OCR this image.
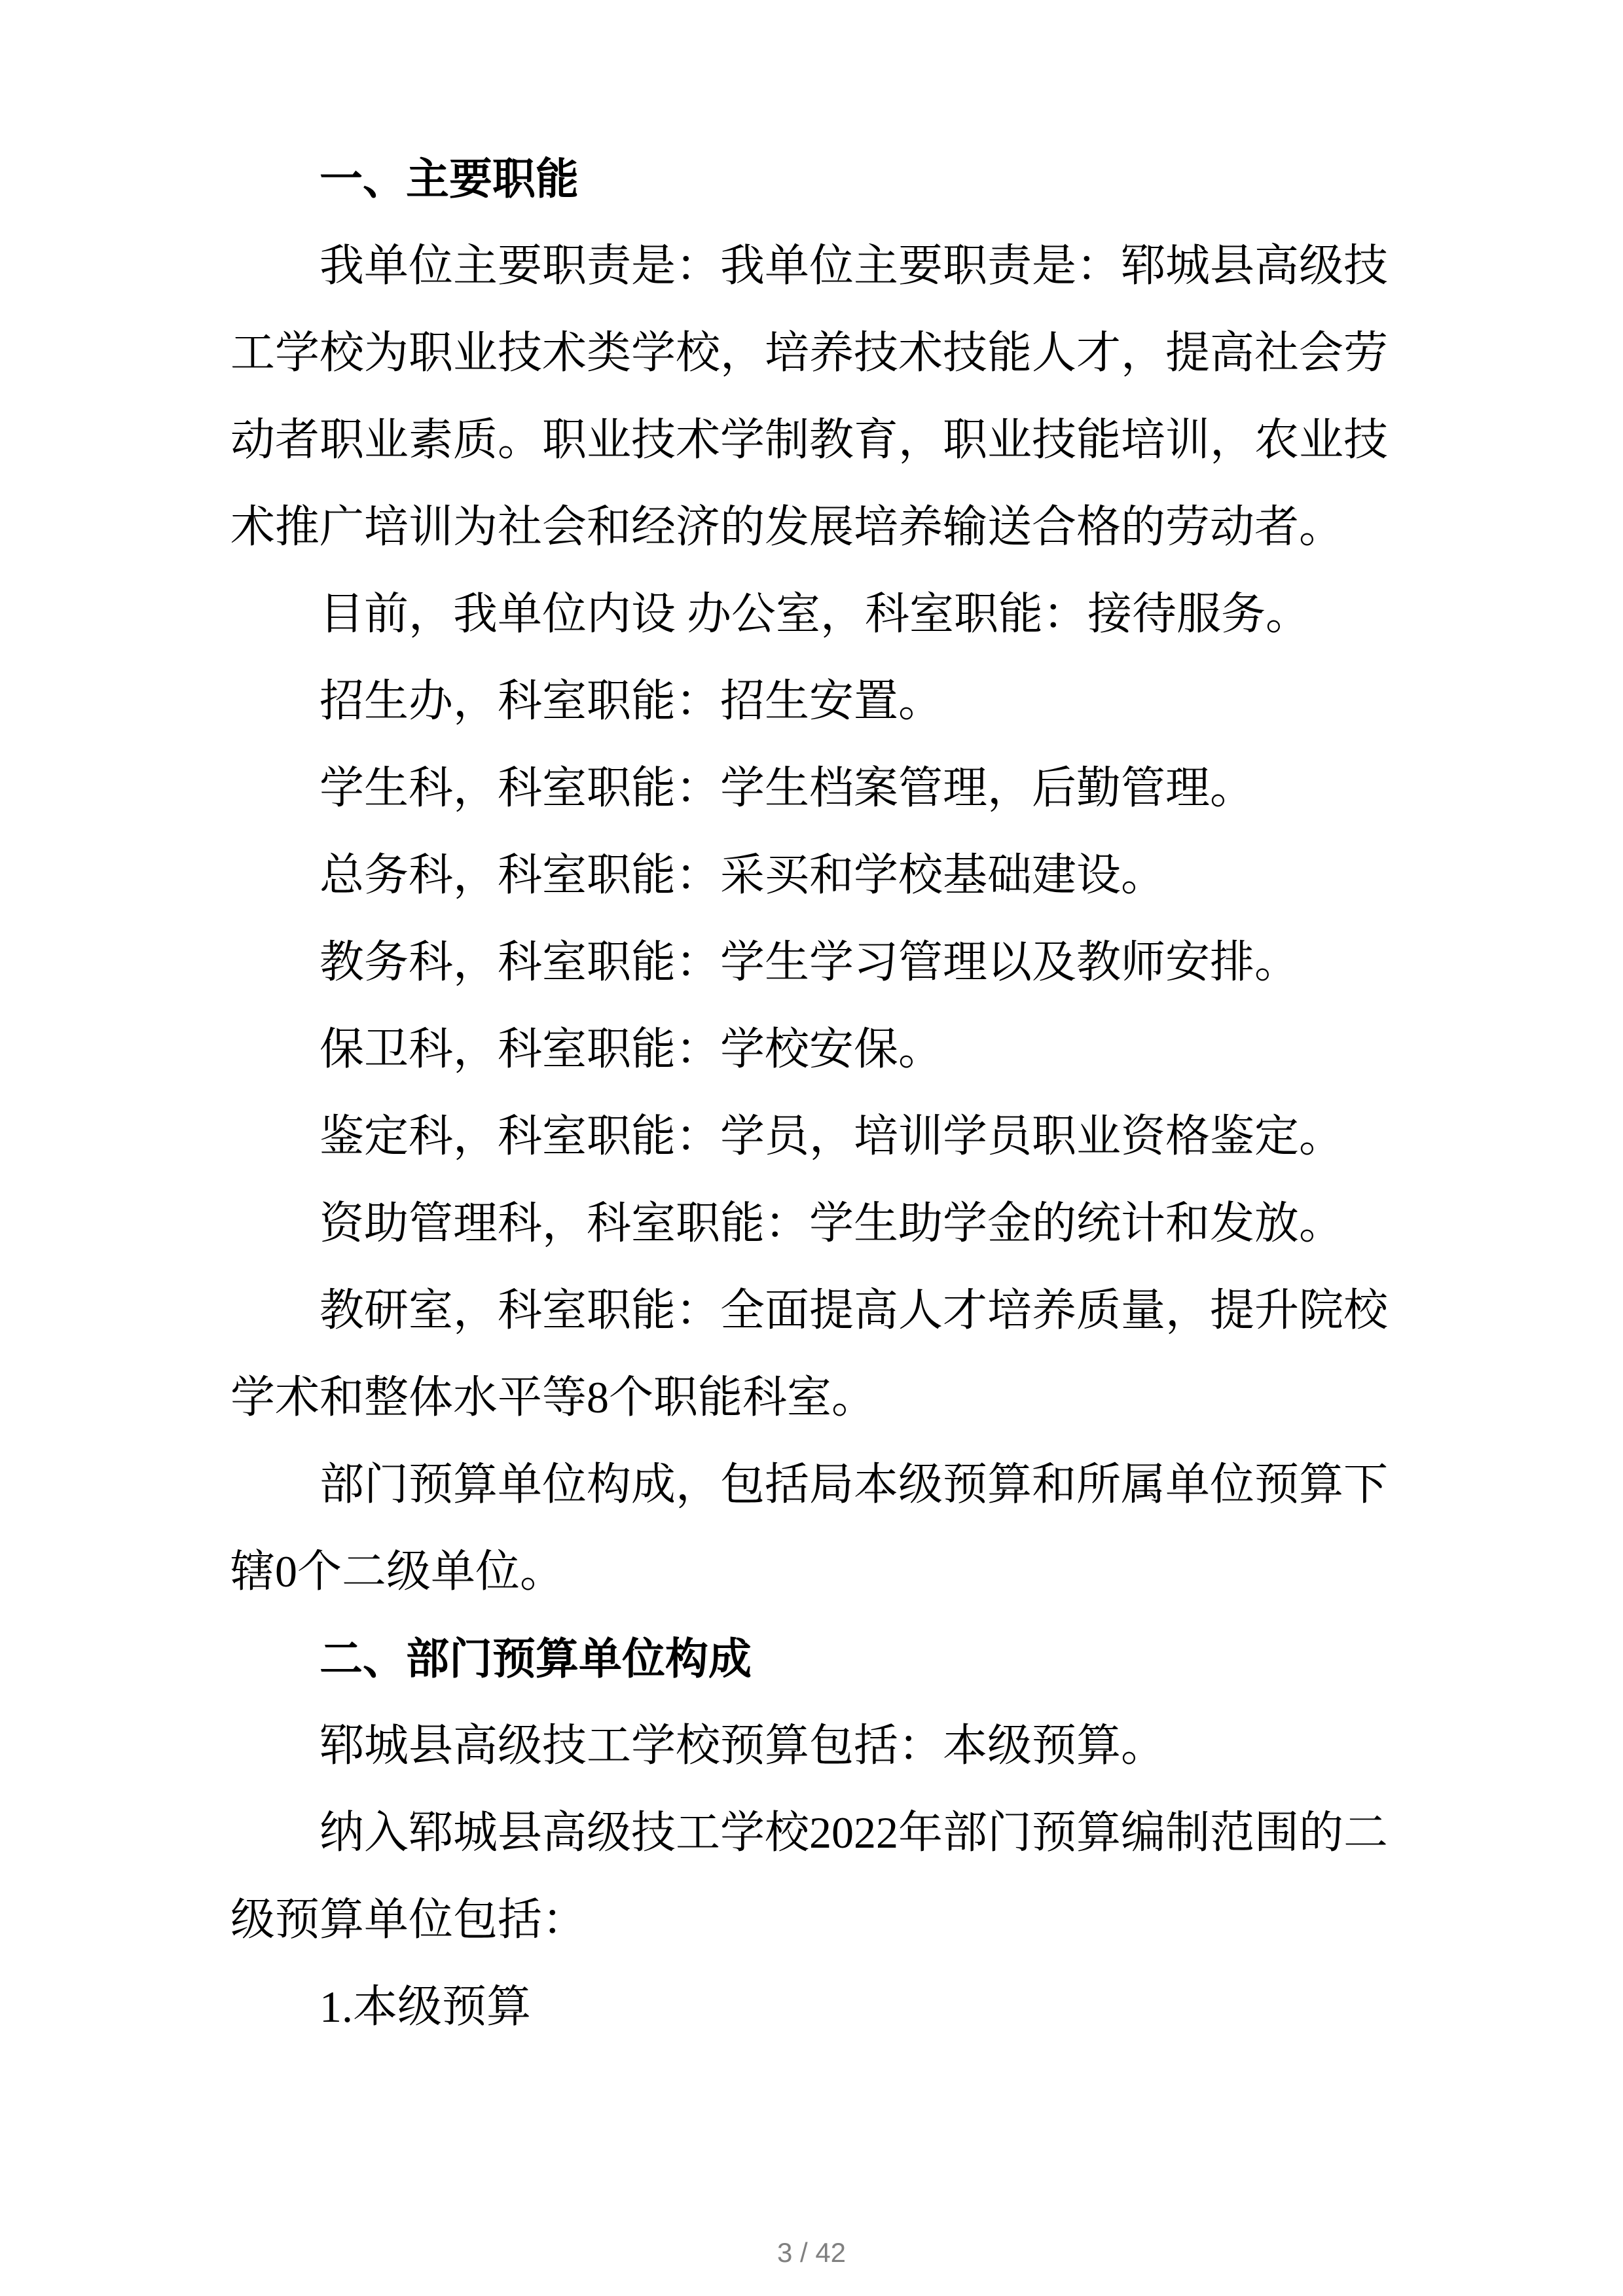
一、主要职能
我单位主要职责是：我单位主要职责是：郓城县高级技
工学校为职业技术类学校，培养技术技能人才，提高社会劳
动者职业素质。职业技术学制教育，职业技能培训，农业技
术推广培训为社会和经济的发展培养输送合格的劳动者。
目前，我单位内设 办公室，科室职能：接待服务。
招生办，科室职能：招生安置。
学生科，科室职能：学生档案管理，后勤管理。
总务科，科室职能：采买和学校基础建设。
教务科，科室职能：学生学习管理以及教师安排。
保卫科，科室职能：学校安保。
鉴定科，科室职能：学员，培训学员职业资格鉴定。
资助管理科，科室职能：学生助学金的统计和发放。
教研室，科室职能：全面提高人才培养质量，提升院校
学术和整体水平等8个职能科室。
部门预算单位构成，包括局本级预算和所属单位预算下
辖0个二级单位。
二、部门预算单位构成
郓城县高级技工学校预算包括：本级预算。
纳入郓城县高级技工学校2022年部门预算编制范围的二
级预算单位包括：
1.本级预算
3 / 42
